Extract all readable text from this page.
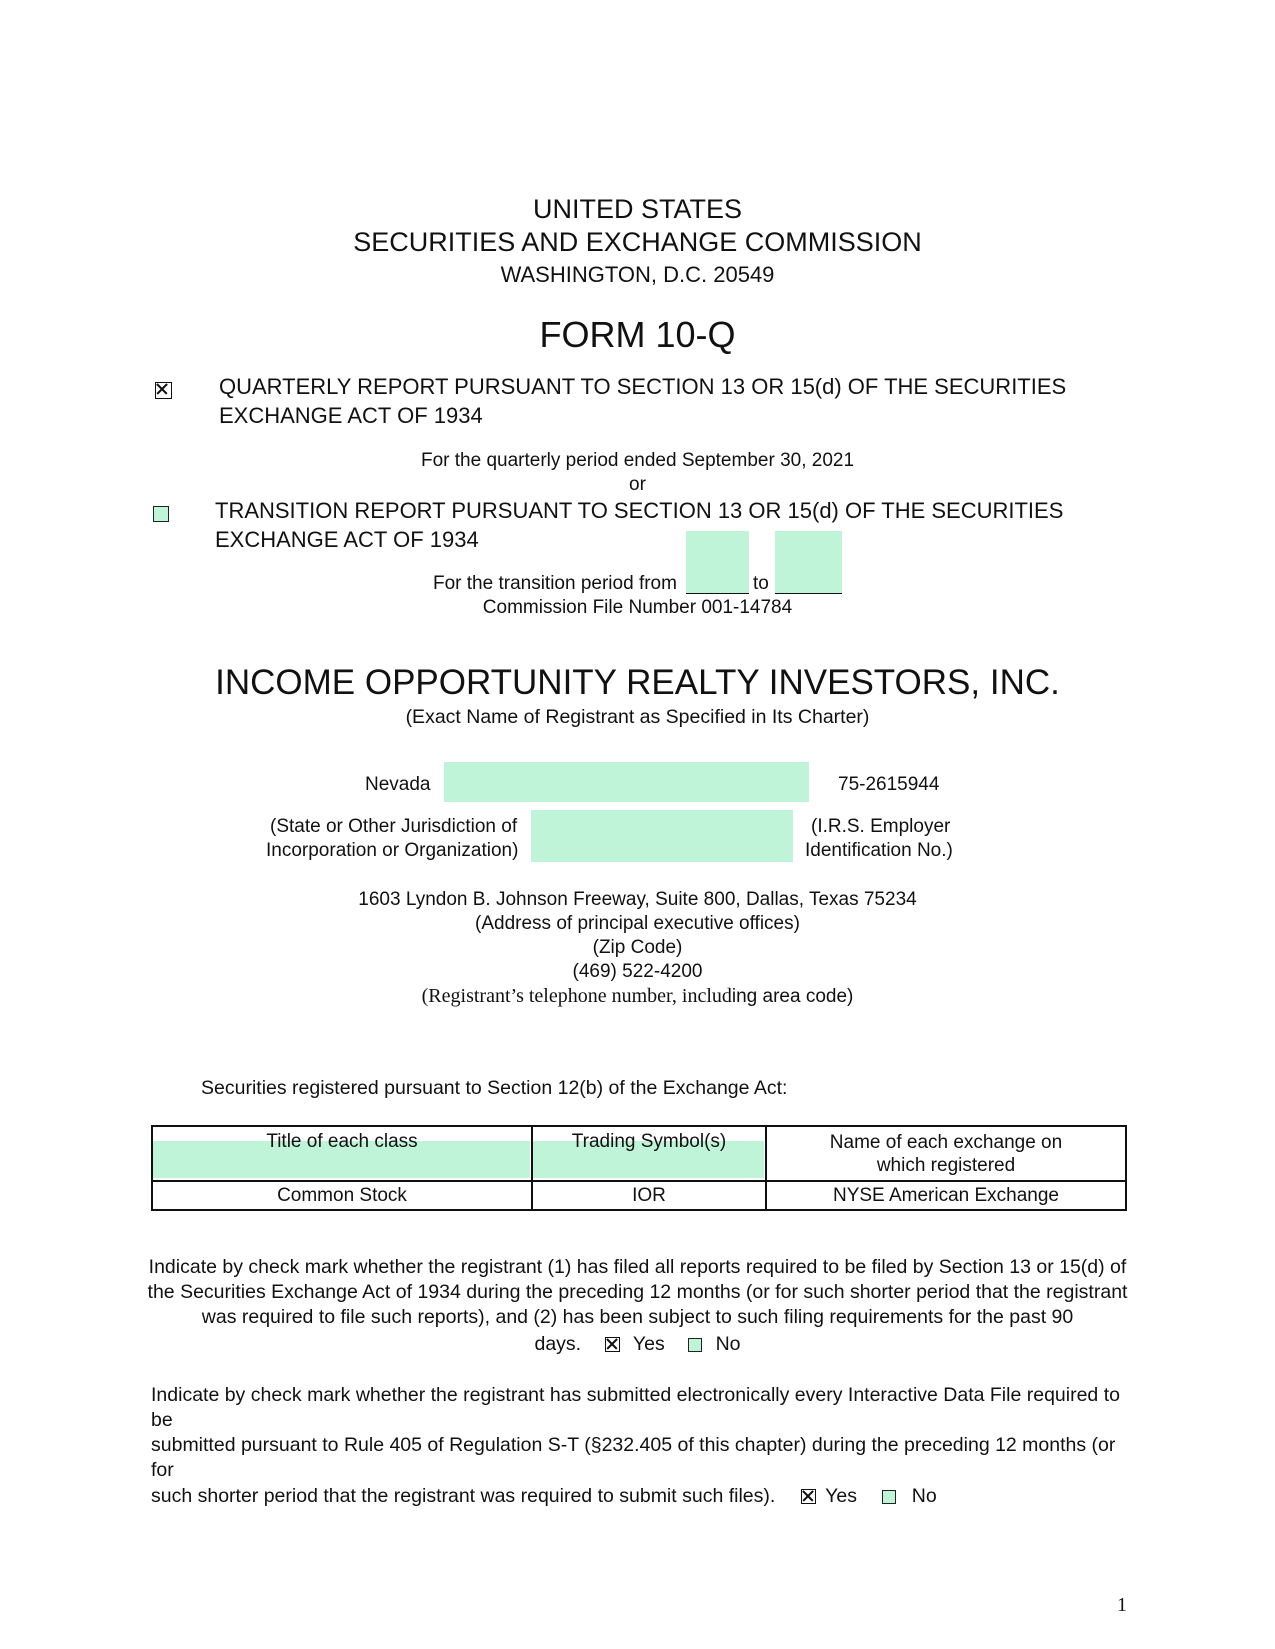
UNITED STATES
SECURITIES AND EXCHANGE COMMISSION
WASHINGTON, D.C. 20549
FORM 10-Q
QUARTERLY REPORT PURSUANT TO SECTION 13 OR 15(d) OF THE SECURITIES
EXCHANGE ACT OF 1934
For the quarterly period ended September 30, 2021
or
TRANSITION REPORT PURSUANT TO SECTION 13 OR 15(d) OF THE SECURITIES
EXCHANGE ACT OF 1934
For the transition period from	to
Commission File Number 001-14784
INCOME OPPORTUNITY REALTY INVESTORS, INC.
(Exact Name of Registrant as Specified in Its Charter)
Nevada	75-2615944
(State or Other Jurisdiction of
Incorporation or Organization)
(I.R.S. Employer
Identification No.)
1603 Lyndon B. Johnson Freeway, Suite 800, Dallas, Texas 75234
(Address of principal executive offices)
(Zip Code)
(469) 522-4200
(Registrant’s telephone number, including area code)
Securities registered pursuant to Section 12(b) of the Exchange Act:
Title of each class	Trading Symbol(s)	Name of each exchange on which registered
Common Stock	IOR	NYSE American Exchange
Indicate by check mark whether the registrant (1) has filed all reports required to be filed by Section 13 or 15(d) of
the Securities Exchange Act of 1934 during the preceding 12 months (or for such shorter period that the registrant
was required to file such reports), and (2) has been subject to such filing requirements for the past 90
days.	Yes	No
Indicate by check mark whether the registrant has submitted electronically every Interactive Data File required to be
submitted pursuant to Rule 405 of Regulation S-T (§232.405 of this chapter) during the preceding 12 months (or for
such shorter period that the registrant was required to submit such files).	Yes	No
1
